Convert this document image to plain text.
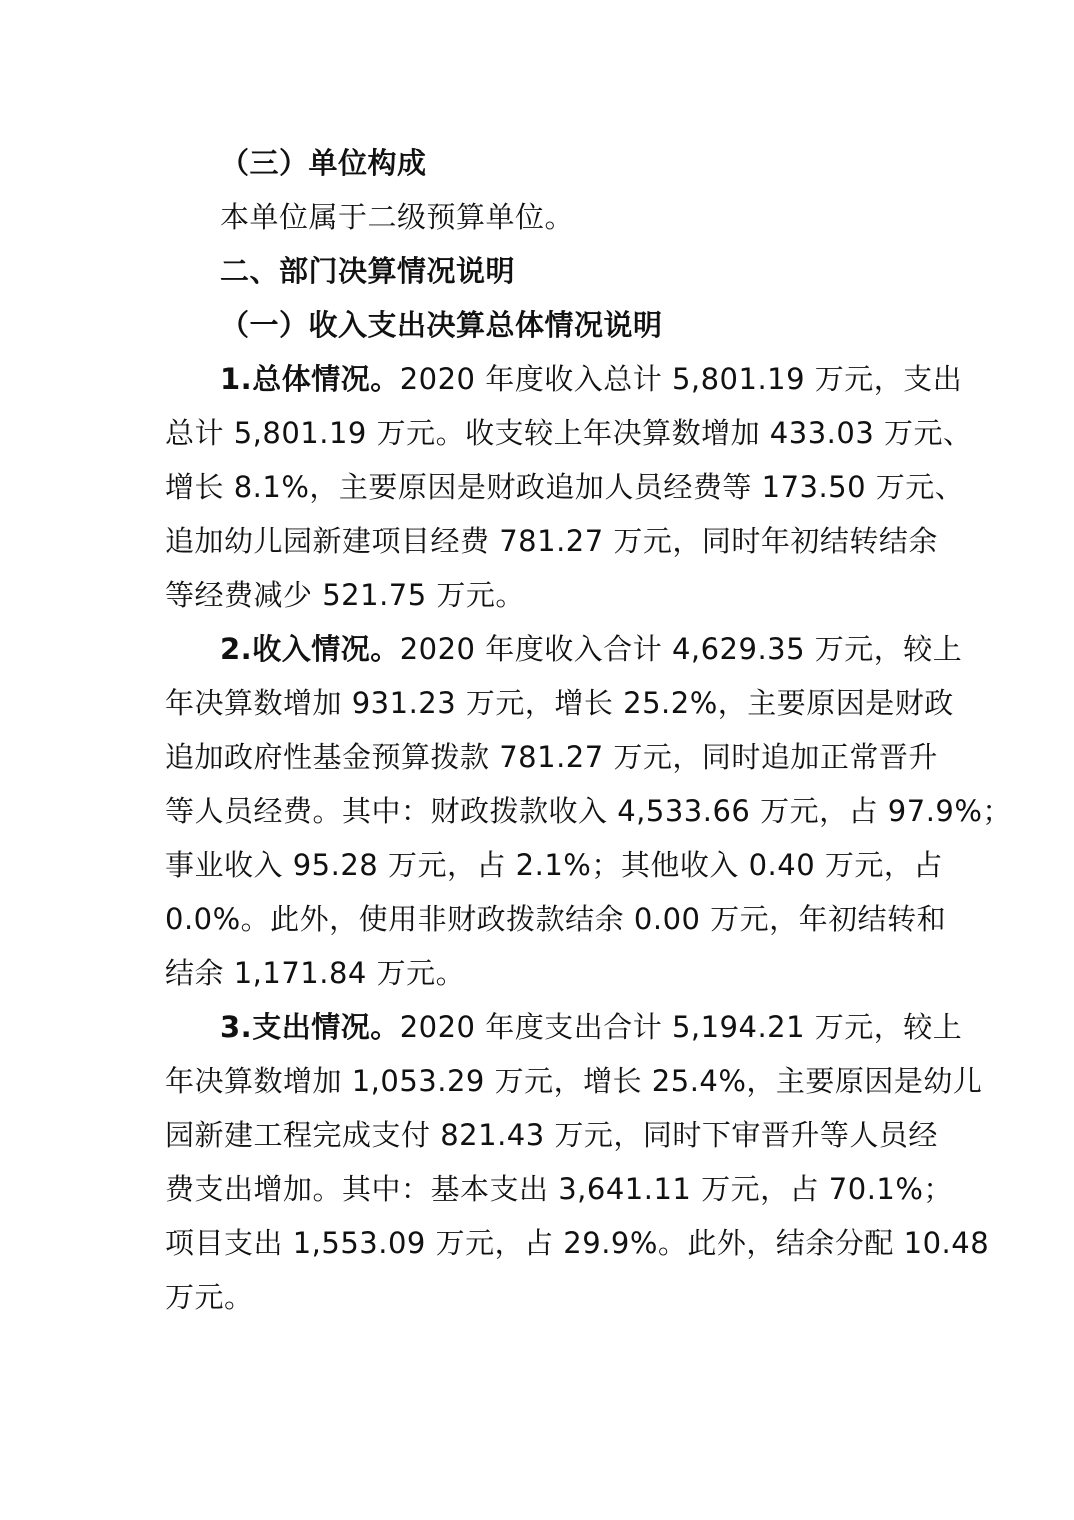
（三）单位构成
本单位属于二级预算单位。
二、部门决算情况说明
（一）收入支出决算总体情况说明
1.总体情况。2020 年度收入总计 5,801.19 万元，支出
总计 5,801.19 万元。收支较上年决算数增加 433.03 万元、
增长 8.1%，主要原因是财政追加人员经费等 173.50 万元、
追加幼儿园新建项目经费 781.27 万元，同时年初结转结余
等经费减少 521.75 万元。
2.收入情况。2020 年度收入合计 4,629.35 万元，较上
年决算数增加 931.23 万元，增长 25.2%，主要原因是财政
追加政府性基金预算拨款 781.27 万元，同时追加正常晋升
等人员经费。其中：财政拨款收入 4,533.66 万元，占 97.9%；
事业收入 95.28 万元，占 2.1%；其他收入 0.40 万元，占
0.0%。此外，使用非财政拨款结余 0.00 万元，年初结转和
结余 1,171.84 万元。
3.支出情况。2020 年度支出合计 5,194.21 万元，较上
年决算数增加 1,053.29 万元，增长 25.4%，主要原因是幼儿
园新建工程完成支付 821.43 万元，同时下审晋升等人员经
费支出增加。其中：基本支出 3,641.11 万元，占 70.1%；
项目支出 1,553.09 万元，占 29.9%。此外，结余分配 10.48
万元。
